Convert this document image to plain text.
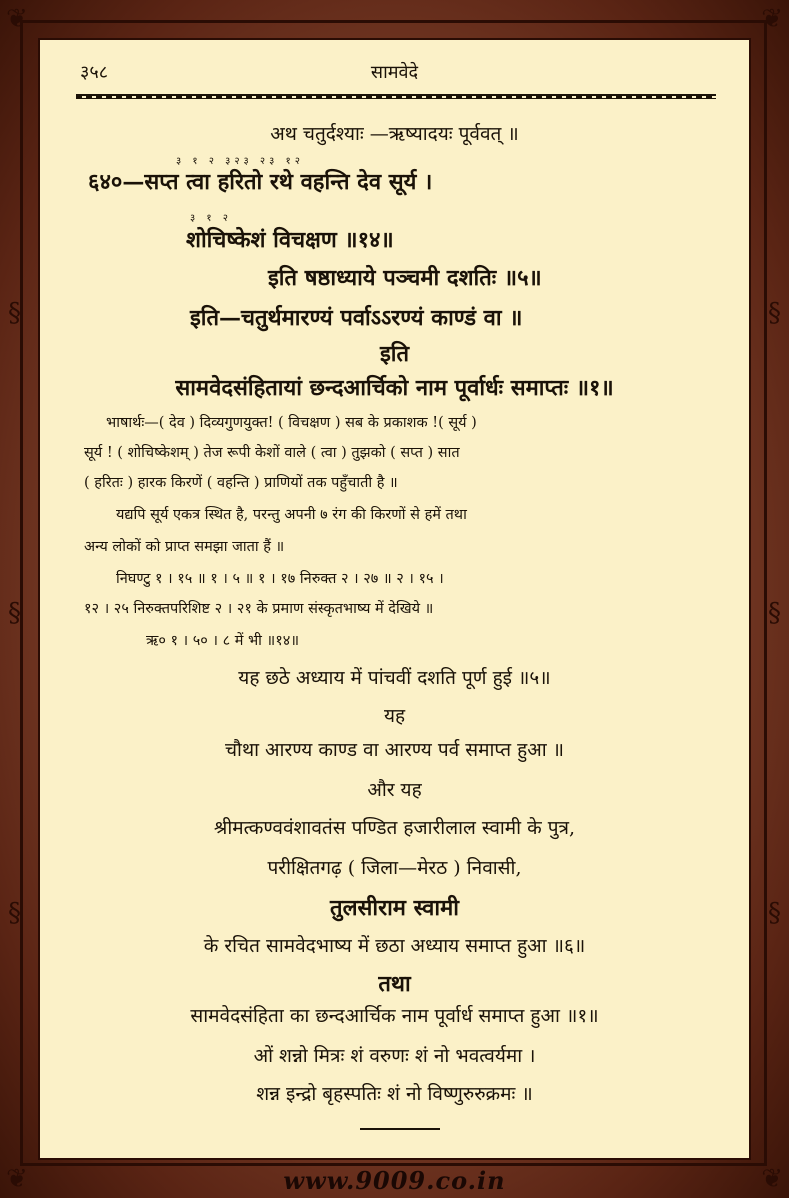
❦	❦
❦	❦
§
§
§
§
§
§
३५८	सामवेदे
अथ चतुर्दश्याः —ऋष्यादयः पूर्ववत् ॥
३ १ २ ३२३ २३ १२
६४०—सप्त त्वा हरितो रथे वहन्ति देव सूर्य ।
३ १ २
शोचिष्केशं विचक्षण ॥१४॥
इति षष्ठाध्याये पञ्चमी दशतिः ॥५॥
इति—चतुर्थमारण्यं पर्वाऽऽरण्यं काण्डं वा ॥
इति
सामवेदसंहितायां छन्दआर्चिको नाम पूर्वार्धः समाप्तः ॥१॥
भाषार्थः—( देव ) दिव्यगुणयुक्त! ( विचक्षण ) सब के प्रकाशक !( सूर्य )
सूर्य ! ( शोचिष्केशम् ) तेज रूपी केशों वाले ( त्वा ) तुझको ( सप्त ) सात
( हरितः ) हारक किरणें ( वहन्ति ) प्राणियों तक पहुँचाती है ॥
यद्यपि सूर्य एकत्र स्थित है, परन्तु अपनी ७ रंग की किरणों से हमें तथा
अन्य लोकों को प्राप्त समझा जाता हैं ॥
निघण्टु १ । १५ ॥ १ । ५ ॥ १ । १७ निरुक्त २ । २७ ॥ २ । १५ ।
१२ । २५ निरुक्तपरिशिष्ट २ । २१ के प्रमाण संस्कृतभाष्य में देखिये ॥
ऋ० १ । ५० । ८ में भी ॥१४॥
यह छठे अध्याय में पांचवीं दशति पूर्ण हुई ॥५॥
यह
चौथा आरण्य काण्ड वा आरण्य पर्व समाप्त हुआ ॥
और यह
श्रीमत्कण्ववंशावतंस पण्डित हजारीलाल स्वामी के पुत्र,
परीक्षितगढ़ ( जिला—मेरठ ) निवासी,
तुलसीराम स्वामी
के रचित सामवेदभाष्य में छठा अध्याय समाप्त हुआ ॥६॥
तथा
सामवेदसंहिता का छन्दआर्चिक नाम पूर्वार्ध समाप्त हुआ ॥१॥
ओं शन्नो मित्रः शं वरुणः शं नो भवत्वर्यमा ।
शन्न इन्द्रो बृहस्पतिः शं नो विष्णुरुरुक्रमः ॥
www.9009.co.in
